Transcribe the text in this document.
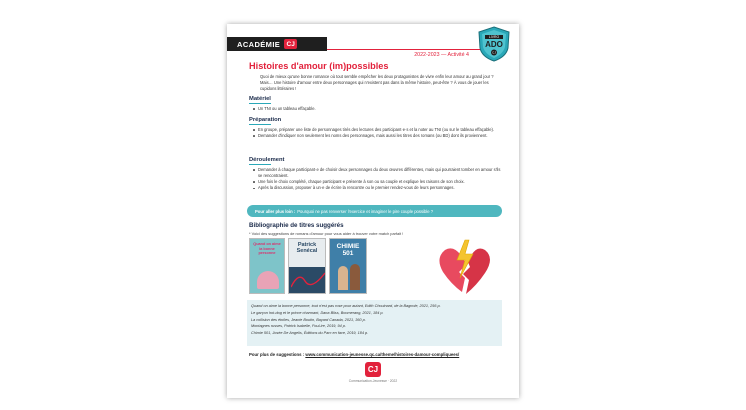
ACADÉMIE CJ
2022-2023 — Activité 4
LIVRO
ADO
CJ
Histoires d'amour (im)possibles
Quoi de mieux qu'une bonne romance où tout semble empêcher les deux protagonistes de vivre enfin leur amour au grand jour ? Mais… Une histoire d'amour entre deux personnages qui n'existent pas dans la même histoire, peut-être ? À vous de jouer les cupidons littéraires !
Matériel
Un TNI ou un tableau effaçable.
Préparation
En groupe, préparer une liste de personnages tirés des lectures des participant·e·s et la noter au TNI (ou sur le tableau effaçable).
Demander d'indiquer non seulement les noms des personnages, mais aussi les titres des romans (ou BD) dont ils proviennent.
Déroulement
Demander à chaque participant·e de choisir deux personnages du deux œuvres différentes, mais qui pourraient tomber en amour s'ils se rencontraient.
Une fois le choix complété, chaque participant·e présente à son ou sa couple et explique les raisons de son choix.
Après la discussion, proposer à un·e de écrire la rencontre ou le premier rendez-vous de leurs personnages.
Pour aller plus loin : Pourquoi ne pas renverser l'exercice et imaginer le pire couple possible ?
Bibliographie de titres suggérés
* Voici des suggestions de romans d'amour pour vous aider à trouver votre match parfait !
Quand on aime la bonne personne
Patrick Senécal
CHIMIE 501
Quand on aime la bonne personne, tout n'est pas rose pour autant, Edith Chouinard, de la Bagnole, 2021, 256 p.
Le garçon hot-dog et le prince charmant, Dana Bliss, Boomerang, 2021, 184 p.
La collision des étoiles, Jeanie Boutin, Bayard Canada, 2021, 360 p.
Montagnes russes, Patrick Isabelle, FouLire, 2019, 94 p.
Chimie 501, Josée De Angelis, Éditions du Parc en face, 2019, 184 p.
Pour plus de suggestions : www.communication-jeunesse.qc.ca/theme/histoires-damour-compliquees/
CJ
Communication-Jeunesse · 2022
